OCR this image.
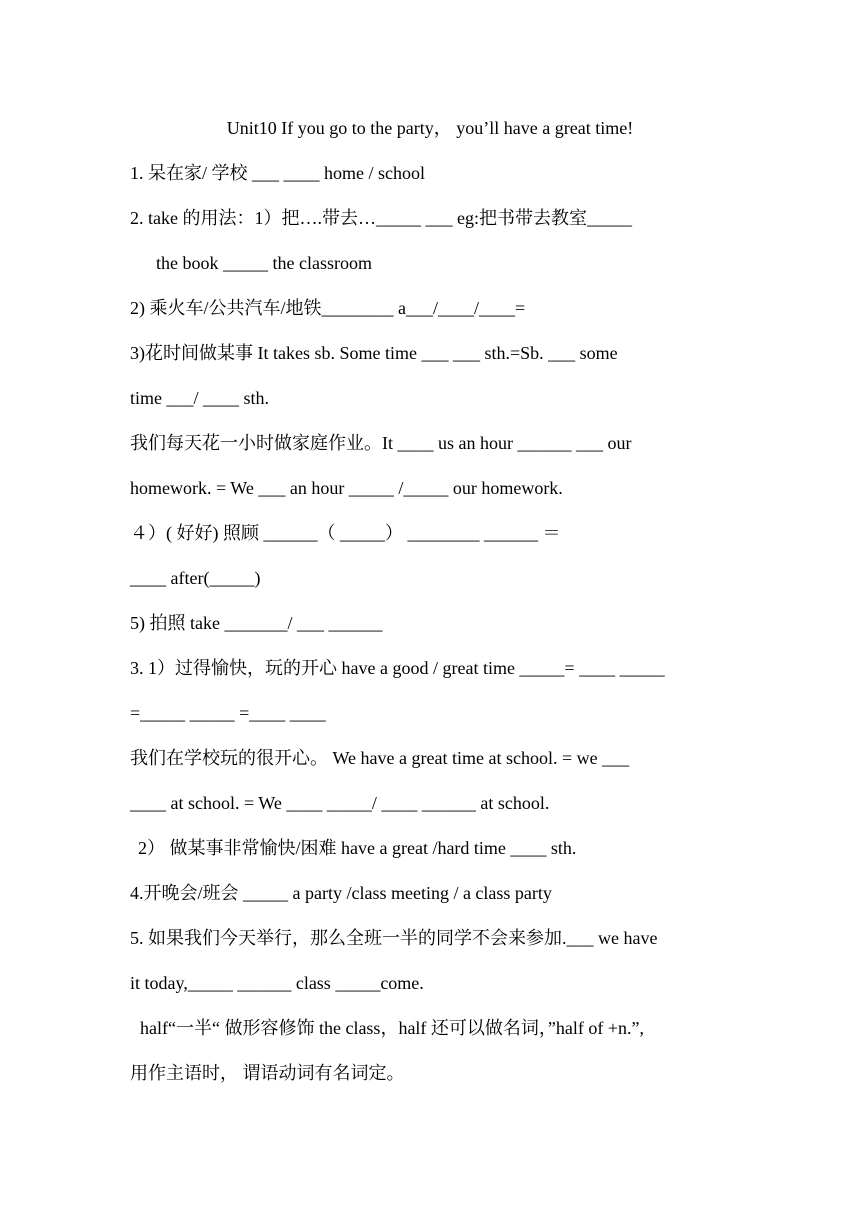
Unit10 If you go to the party， you’ll have a great time!
1. 呆在家/ 学校 ___ ____ home / school
2. take 的用法：1）把….带去…_____ ___ eg:把书带去教室_____
the book _____ the classroom
2) 乘火车/公共汽车/地铁________ a___/____/____=
3)花时间做某事 It takes sb. Some time ___ ___ sth.=Sb. ___ some
time ___/ ____ sth.
我们每天花一小时做家庭作业。It ____ us an hour ______ ___ our
homework. = We ___ an hour _____ /_____ our homework.
４）( 好好) 照顾 ______（ _____） ________ ______ ＝
____ after(_____)
5) 拍照 take _______/ ___ ______
3. 1）过得愉快，玩的开心 have a good / great time _____= ____ _____
=_____ _____ =____ ____
我们在学校玩的很开心。 We have a great time at school. = we ___
____ at school. = We ____ _____/ ____ ______ at school.
2） 做某事非常愉快/困难 have a great /hard time ____ sth.
4.开晚会/班会 _____ a party /class meeting / a class party
5. 如果我们今天举行，那么全班一半的同学不会来参加.___ we have
it today,_____ ______ class _____come.
half“一半“ 做形容修饰 the class，half 还可以做名词，”half of +n.”,
用作主语时， 谓语动词有名词定。
